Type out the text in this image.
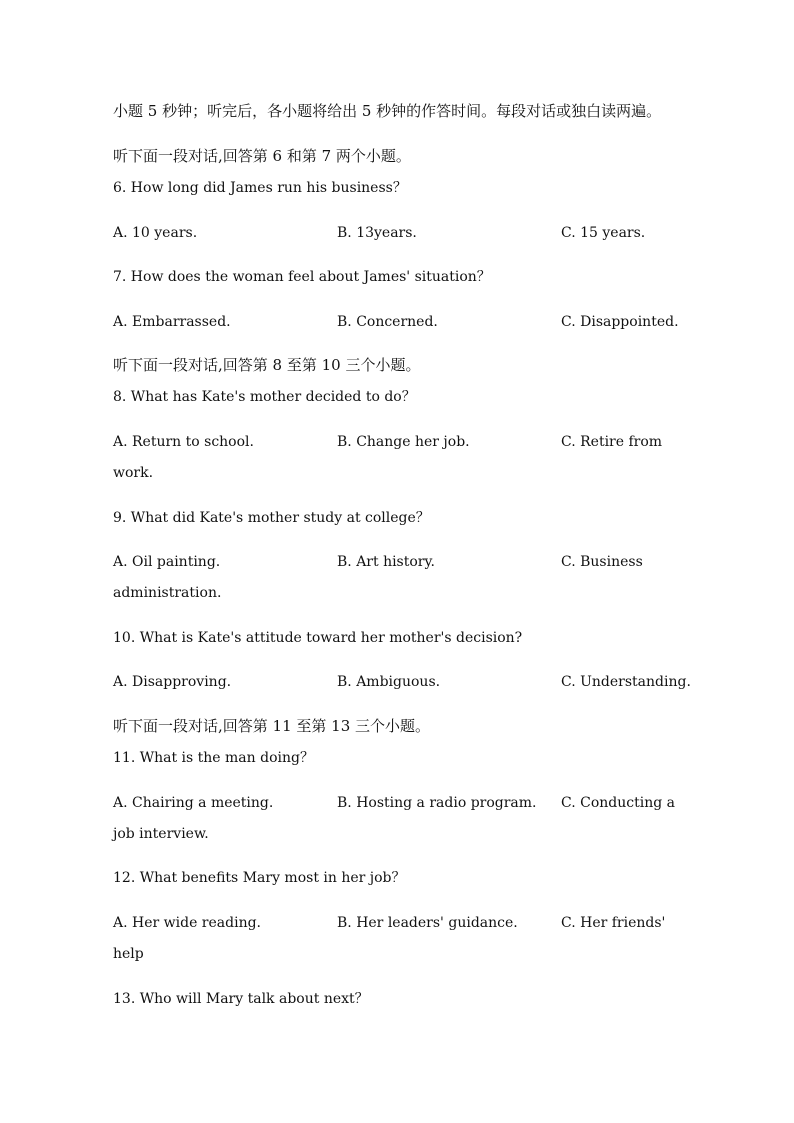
小题 5 秒钟；听完后，各小题将给出 5 秒钟的作答时间。每段对话或独白读两遍。
听下面一段对话,回答第 6 和第 7 两个小题。
6. How long did James run his business？
A. 10 years.	B. 13years.	C. 15 years.
7. How does the woman feel about James' situation？
A. Embarrassed.	B. Concerned.	C. Disappointed.
听下面一段对话,回答第 8 至第 10 三个小题。
8. What has Kate's mother decided to do？
A. Return to school.	B. Change her job.	C. Retire from
work.
9. What did Kate's mother study at college？
A. Oil painting.	B. Art history.	C. Business
administration.
10. What is Kate's attitude toward her mother's decision?
A. Disapproving.	B. Ambiguous.	C. Understanding.
听下面一段对话,回答第 11 至第 13 三个小题。
11. What is the man doing？
A. Chairing a meeting.	B. Hosting a radio program. C. Conducting a
job interview.
12. What benefits Mary most in her job？
A. Her wide reading.	B. Her leaders' guidance.	C. Her friends'
help
13. Who will Mary talk about next？
